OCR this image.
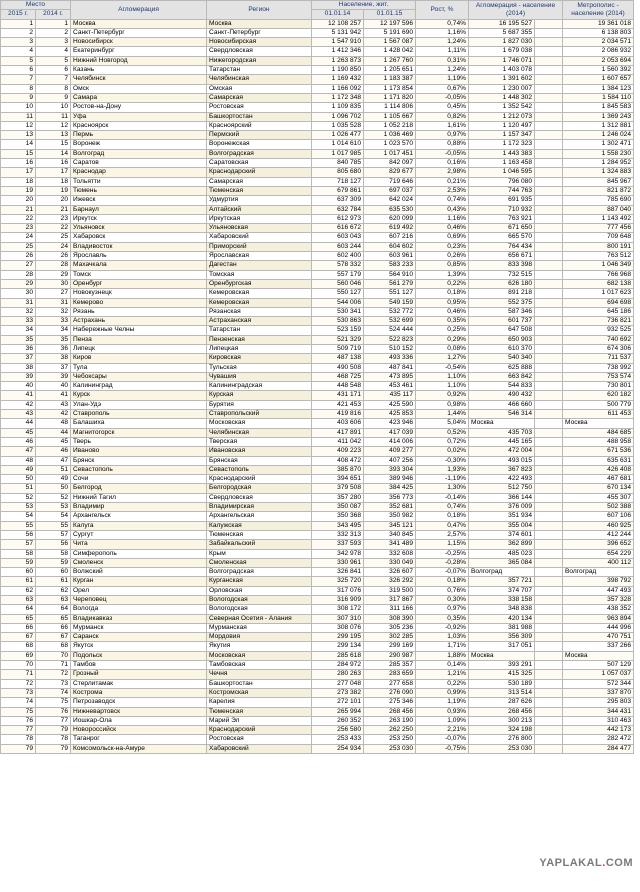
Место		Агломерация	Регион	Население, жит.		Рост, %	Агломерация - население (2014)		Метрополис - население (2014)
2015 г.	2014 г.			01.01.14	01.01.15				
1	1	Москва	Москва	12 108 257	12 197 596	0,74%	16 195 527		19 361 018
2	2	Санкт-Петербург	Санкт-Петербург	5 131 942	5 191 690	1,16%	5 687 355		6 138 803
3	3	Новосибирск	Новосибирская	1 547 910	1 567 087	1,24%	1 827 030		2 034 571
4	4	Екатеринбург	Свердловская	1 412 346	1 428 042	1,11%	1 679 038		2 086 932
5	5	Нижний Новгород	Нижегородская	1 263 873	1 267 760	0,31%	1 746 071		2 053 694
6	6	Казань	Татарстан	1 190 850	1 205 651	1,24%	1 403 078		1 560 392
7	7	Челябинск	Челябинская	1 169 432	1 183 387	1,19%	1 391 602		1 607 657
8	8	Омск	Омская	1 166 092	1 173 854	0,67%	1 230 007		1 384 123
9	9	Самара	Самарская	1 172 348	1 171 820	-0,05%	1 448 302		1 584 110
10	10	Ростов-на-Дону	Ростовская	1 109 835	1 114 806	0,45%	1 352 542		1 845 583
11	11	Уфа	Башкортостан	1 096 702	1 105 667	0,82%	1 212 073		1 369 243
12	12	Красноярск	Красноярский	1 035 528	1 052 218	1,61%	1 120 497		1 312 881
13	13	Пермь	Пермский	1 026 477	1 036 469	0,97%	1 157 347		1 246 024
14	15	Воронеж	Воронежская	1 014 610	1 023 570	0,88%	1 172 323		1 302 471
15	14	Волгоград	Волгоградская	1 017 985	1 017 451	-0,05%	1 443 383		1 558 230
16	16	Саратов	Саратовская	840 785	842 097	0,16%	1 163 458		1 284 952
17	17	Краснодар	Краснодарский	805 680	829 677	2,98%	1 046 595		1 324 883
18	18	Тольятти	Самарская	718 127	719 646	0,21%	796 080		845 967
19	19	Тюмень	Тюменская	679 861	697 037	2,53%	744 763		821 872
20	20	Ижевск	Удмуртия	637 309	642 024	0,74%	691 935		785 690
21	21	Барнаул	Алтайский	632 784	635 530	0,43%	710 932		887 040
22	23	Иркутск	Иркутская	612 973	620 099	1,16%	763 921		1 143 492
23	22	Ульяновск	Ульяновская	616 672	619 492	0,46%	671 650		777 456
24	25	Хабаровск	Хабаровский	603 043	607 216	0,69%	665 570		709 648
25	24	Владивосток	Приморский	603 244	604 602	0,23%	764 434		800 191
26	26	Ярославль	Ярославская	602 400	603 961	0,26%	656 671		763 512
27	28	Махачкала	Дагестан	578 332	583 233	0,85%	833 398		1 046 349
28	29	Томск	Томская	557 179	564 910	1,39%	732 515		766 968
29	30	Оренбург	Оренбургская	560 046	561 279	0,22%	626 180		682 138
30	27	Новокузнецк	Кемеровская	550 127	551 127	0,18%	891 218		1 017 623
31	31	Кемерово	Кемеровская	544 006	549 159	0,95%	552 375		694 698
32	32	Рязань	Рязанская	530 341	532 772	0,46%	587 346		645 186
33	33	Астрахань	Астраханская	530 863	532 699	0,35%	601 737		736 821
34	34	Набережные Челны	Татарстан	523 159	524 444	0,25%	647 508		932 525
35	35	Пенза	Пензенская	521 329	522 823	0,29%	650 903		740 692
36	36	Липецк	Липецкая	509 719	510 152	0,08%	610 370		674 306
37	38	Киров	Кировская	487 138	493 336	1,27%	540 340		711 537
38	37	Тула	Тульская	490 508	487 841	-0,54%	625 888		738 992
39	39	Чебоксары	Чувашия	468 725	473 895	1,10%	663 842		753 574
40	40	Калининград	Калининградская	448 548	453 461	1,10%	544 833		730 801
41	41	Курск	Курская	431 171	435 117	0,92%	490 432		620 182
42	43	Улан-Удэ	Бурятия	421 453	425 590	0,98%	466 660		500 779
43	42	Ставрополь	Ставропольский	419 816	425 853	1,44%	546 314		611 453
44	48	Балашиха	Московская	403 606	423 946	5,04%	Москва		Москва
45	44	Магнитогорск	Челябинская	417 891	417 039	0,52%	435 703		484 685
46	45	Тверь	Тверская	411 042	414 006	0,72%	445 165		488 958
47	46	Иваново	Ивановская	409 223	409 277	0,02%	472 004		671 536
48	47	Брянск	Брянская	408 472	407 256	-0,30%	493 015		635 631
49	51	Севастополь	Севастополь	385 870	393 304	1,93%	367 823		426 408
50	49	Сочи	Краснодарский	394 651	389 946	-1,19%	422 493		467 681
51	50	Белгород	Белгородская	379 508	384 425	1,30%	512 750		670 134
52	52	Нижний Тагил	Свердловская	357 280	356 773	-0,14%	366 144		455 307
53	53	Владимир	Владимирская	350 087	352 681	0,74%	376 009		502 388
54	54	Архангельск	Архангельская	350 368	350 982	0,18%	351 934		607 106
55	55	Калуга	Калужская	343 495	345 121	0,47%	355 004		460 925
56	57	Сургут	Тюменская	332 313	340 845	2,57%	374 601		412 244
57	56	Чита	Забайкальский	337 593	341 489	1,15%	362 899		396 652
58	58	Симферополь	Крым	342 978	332 608	-0,25%	485 023		654 229
59	59	Смоленск	Смоленская	330 961	330 049	-0,28%	365 084		400 112
60	60	Волжский	Волгоградская	326 841	326 607	-0,07%	Волгоград		Волгоград
61	61	Курган	Курганская	325 720	326 292	0,18%	357 721		398 792
62	62	Орел	Орловская	317 076	319 500	0,76%	374 707		447 493
63	63	Череповец	Вологодская	316 909	317 867	0,30%	338 158		357 328
64	64	Вологда	Вологодская	308 172	311 166	0,97%	348 838		438 352
65	65	Владикавказ	Северная Осетия - Алания	307 310	308 390	0,35%	420 134		963 894
66	66	Мурманск	Мурманская	308 076	305 236	-0,92%	381 988		444 996
67	67	Саранск	Мордовия	299 195	302 285	1,03%	356 309		470 751
68	68	Якутск	Якутия	299 134	299 169	1,71%	317 051		337 266
69	70	Подольск	Московская	285 618	290 987	1,88%	Москва		Москва
70	71	Тамбов	Тамбовская	284 972	285 357	0,14%	393 291		507 129
71	72	Грозный	Чечня	280 263	283 659	1,21%	415 325		1 057 037
72	73	Стерлитамак	Башкортостан	277 048	277 658	0,22%	530 189		572 344
73	74	Кострома	Костромская	273 382	276 090	0,99%	313 514		337 870
74	75	Петрозаводск	Карелия	272 101	275 346	1,19%	287 626		295 803
75	76	Нижневартовск	Тюменская	265 994	268 456	0,93%	268 456		344 431
76	77	Йошкар-Ола	Марий Эл	260 352	263 190	1,09%	300 213		310 463
77	79	Новороссийск	Краснодарский	256 580	262 250	2,21%	324 198		442 173
78	78	Таганрог	Ростовская	253 433	253 250	-0,07%	276 800		282 472
79	79	Комсомольск-на-Амуре	Хабаровский	254 934	253 030	-0,75%	253 030		284 477
YAPLAKAL.COM
